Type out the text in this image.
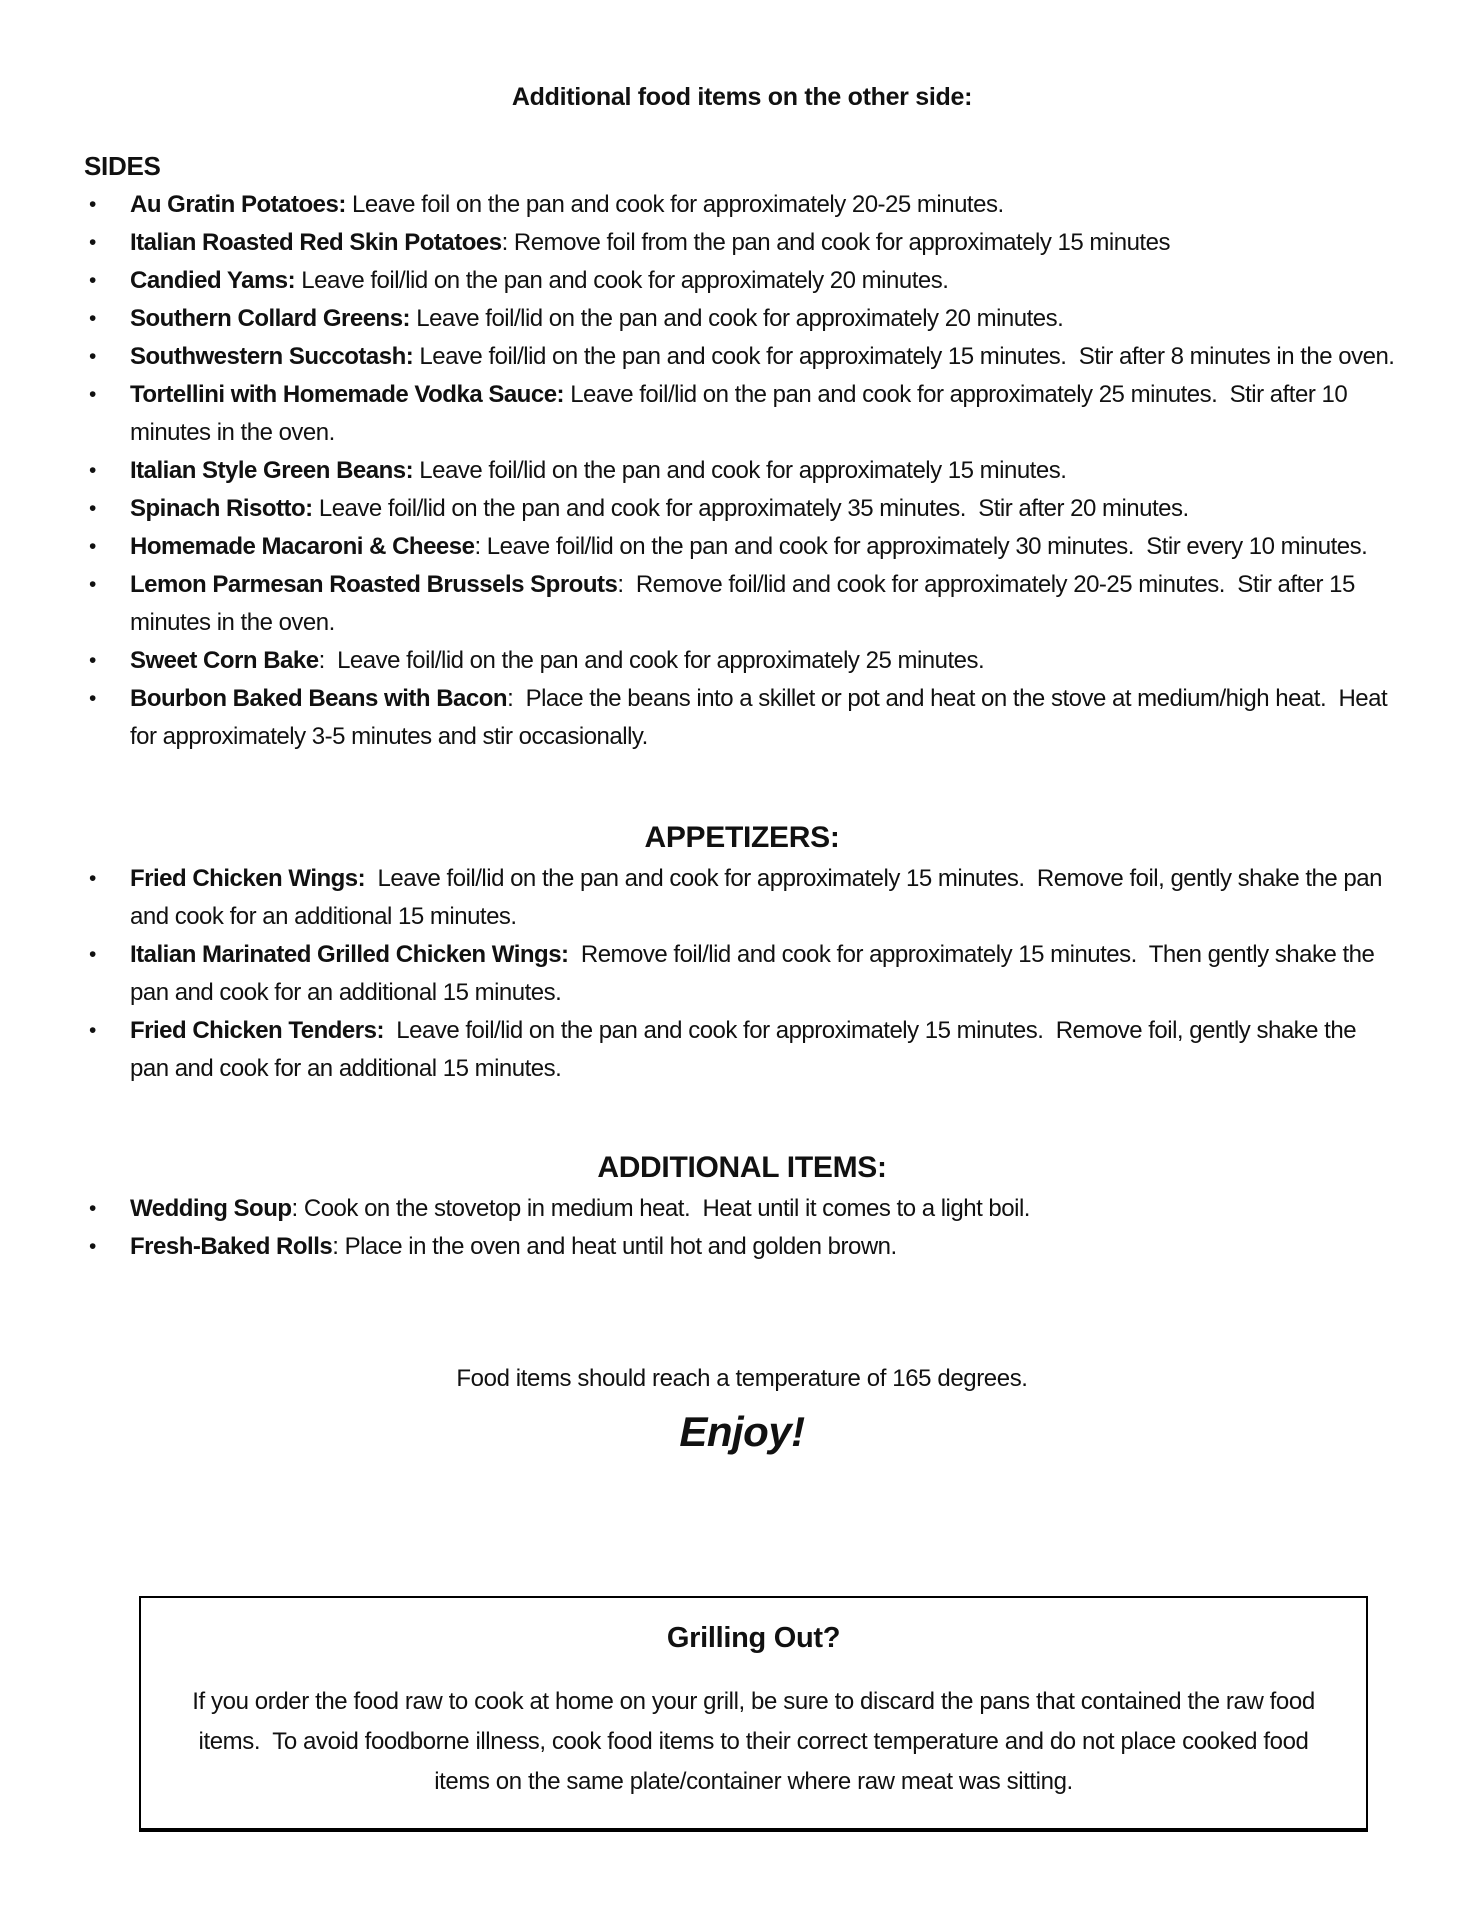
Additional food items on the other side:

SIDES
• Au Gratin Potatoes: Leave foil on the pan and cook for approximately 20-25 minutes.
• Italian Roasted Red Skin Potatoes: Remove foil from the pan and cook for approximately 15 minutes
• Candied Yams: Leave foil/lid on the pan and cook for approximately 20 minutes.
• Southern Collard Greens: Leave foil/lid on the pan and cook for approximately 20 minutes.
• Southwestern Succotash: Leave foil/lid on the pan and cook for approximately 15 minutes.  Stir after 8 minutes in the oven.
• Tortellini with Homemade Vodka Sauce: Leave foil/lid on the pan and cook for approximately 25 minutes.  Stir after 10 minutes in the oven.
• Italian Style Green Beans: Leave foil/lid on the pan and cook for approximately 15 minutes.
• Spinach Risotto: Leave foil/lid on the pan and cook for approximately 35 minutes.  Stir after 20 minutes.
• Homemade Macaroni & Cheese: Leave foil/lid on the pan and cook for approximately 30 minutes.  Stir every 10 minutes.
• Lemon Parmesan Roasted Brussels Sprouts:  Remove foil/lid and cook for approximately 20-25 minutes.  Stir after 15 minutes in the oven.
• Sweet Corn Bake:  Leave foil/lid on the pan and cook for approximately 25 minutes.
• Bourbon Baked Beans with Bacon:  Place the beans into a skillet or pot and heat on the stove at medium/high heat.  Heat for approximately 3-5 minutes and stir occasionally.
APPETIZERS:
• Fried Chicken Wings:  Leave foil/lid on the pan and cook for approximately 15 minutes.  Remove foil, gently shake the pan and cook for an additional 15 minutes.
• Italian Marinated Grilled Chicken Wings:  Remove foil/lid and cook for approximately 15 minutes.  Then gently shake the pan and cook for an additional 15 minutes.
• Fried Chicken Tenders:  Leave foil/lid on the pan and cook for approximately 15 minutes.  Remove foil, gently shake the pan and cook for an additional 15 minutes.
ADDITIONAL ITEMS:
• Wedding Soup: Cook on the stovetop in medium heat.  Heat until it comes to a light boil.
• Fresh-Baked Rolls: Place in the oven and heat until hot and golden brown.

Food items should reach a temperature of 165 degrees.

Enjoy!

Grilling Out?

If you order the food raw to cook at home on your grill, be sure to discard the pans that contained the raw food items.  To avoid foodborne illness, cook food items to their correct temperature and do not place cooked food items on the same plate/container where raw meat was sitting.
